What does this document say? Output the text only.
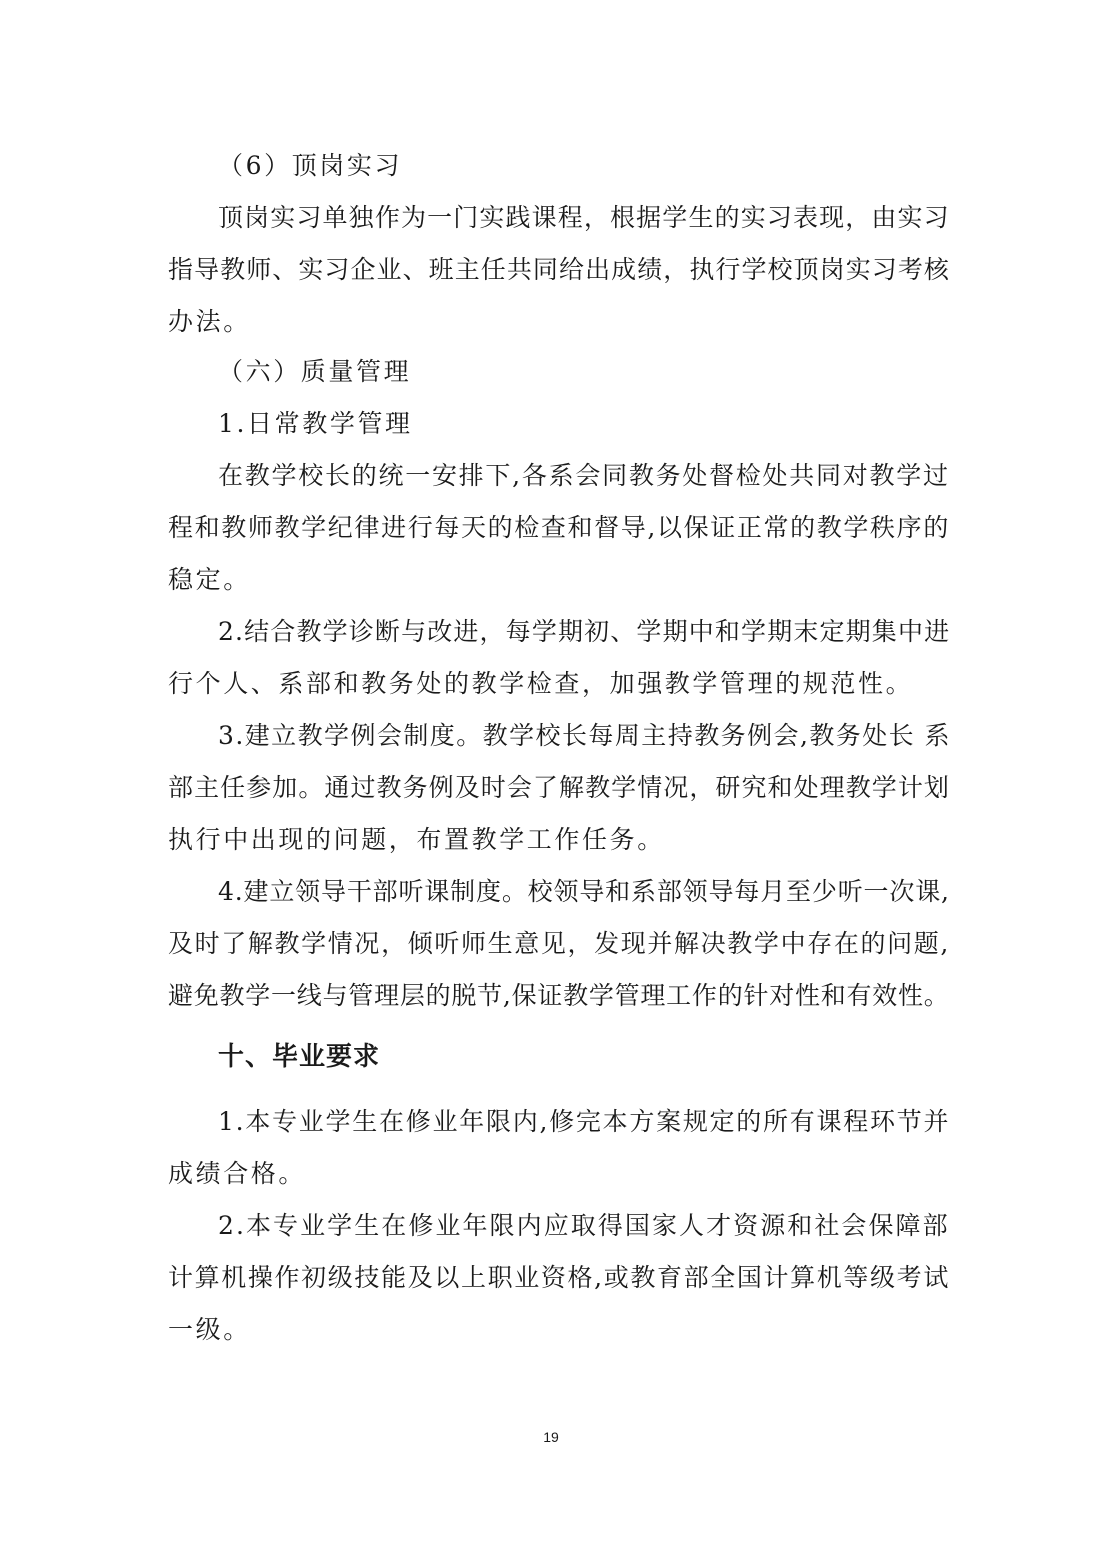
（6）顶岗实习
顶岗实习单独作为一门实践课程，根据学生的实习表现，由实习
指导教师、实习企业、班主任共同给出成绩，执行学校顶岗实习考核
办法。
（六）质量管理
1.日常教学管理
在教学校长的统一安排下,各系会同教务处督检处共同对教学过
程和教师教学纪律进行每天的检查和督导,以保证正常的教学秩序的
稳定。
2.结合教学诊断与改进，每学期初、学期中和学期末定期集中进
行个人、系部和教务处的教学检查，加强教学管理的规范性。
3.建立教学例会制度。教学校长每周主持教务例会,教务处长 系
部主任参加。通过教务例及时会了解教学情况，研究和处理教学计划
执行中出现的问题，布置教学工作任务。
4.建立领导干部听课制度。校领导和系部领导每月至少听一次课,
及时了解教学情况，倾听师生意见，发现并解决教学中存在的问题,
避免教学一线与管理层的脱节,保证教学管理工作的针对性和有效性。
十、毕业要求
1.本专业学生在修业年限内,修完本方案规定的所有课程环节并
成绩合格。
2.本专业学生在修业年限内应取得国家人才资源和社会保障部
计算机操作初级技能及以上职业资格,或教育部全国计算机等级考试
一级。
19
